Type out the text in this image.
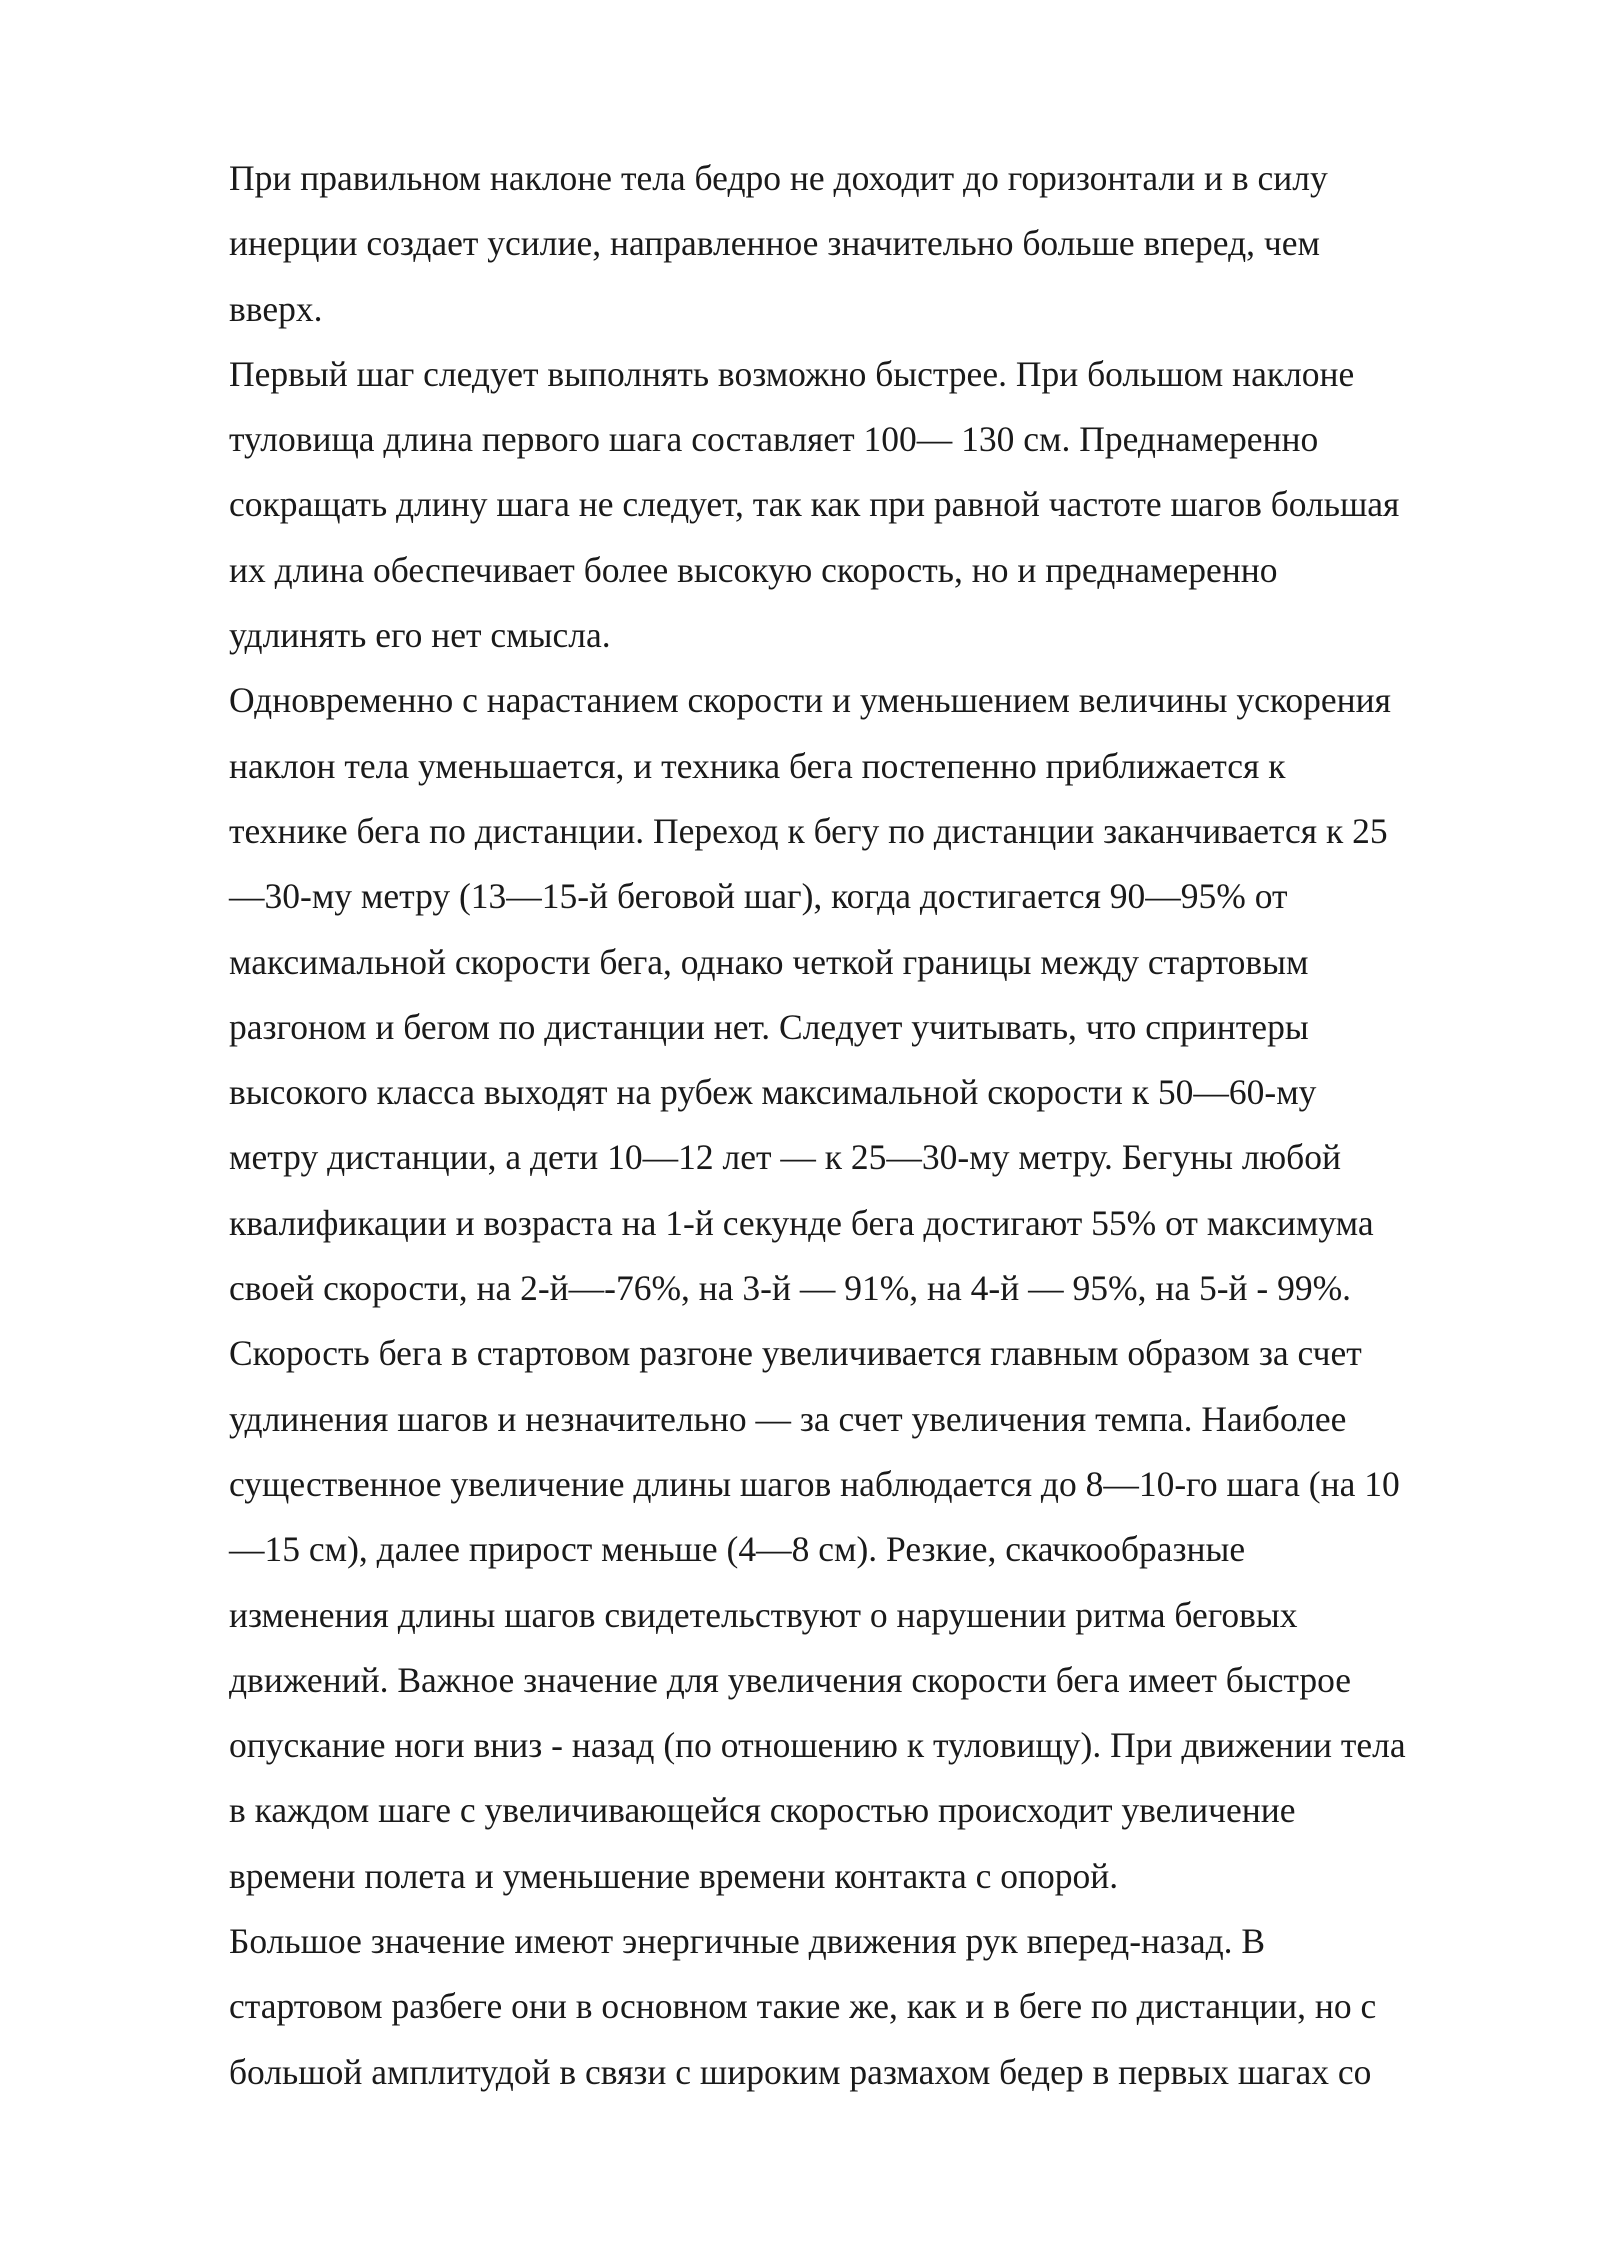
При правильном наклоне тела бедро не доходит до горизонтали и в силу
инерции создает усилие, направленное значительно больше вперед, чем
вверх.

Первый шаг следует выполнять возможно быстрее. При большом наклоне
туловища длина первого шага составляет 100— 130 см. Преднамеренно
сокращать длину шага не следует, так как при равной частоте шагов большая
их длина обеспечивает более высокую скорость, но и преднамеренно
удлинять его нет смысла.

Одновременно с нарастанием скорости и уменьшением величины ускорения
наклон тела уменьшается, и техника бега постепенно приближается к
технике бега по дистанции. Переход к бегу по дистанции заканчивается к 25
—30-му метру (13—15-й беговой шаг), когда достигается 90—95% от
максимальной скорости бега, однако четкой границы между стартовым
разгоном и бегом по дистанции нет. Следует учитывать, что спринтеры
высокого класса выходят на рубеж максимальной скорости к 50—60-му
метру дистанции, а дети 10—12 лет — к 25—30-му метру. Бегуны любой
квалификации и возраста на 1-й секунде бега достигают 55% от максимума
своей скорости, на 2-й—-76%, на 3-й — 91%, на 4-й — 95%, на 5-й - 99%.
Скорость бега в стартовом разгоне увеличивается главным образом за счет
удлинения шагов и незначительно — за счет увеличения темпа. Наиболее
существенное увеличение длины шагов наблюдается до 8—10-го шага (на 10
—15 см), далее прирост меньше (4—8 см). Резкие, скачкообразные
изменения длины шагов свидетельствуют о нарушении ритма беговых
движений. Важное значение для увеличения скорости бега имеет быстрое
опускание ноги вниз - назад (по отношению к туловищу). При движении тела
в каждом шаге с увеличивающейся скоростью происходит увеличение
времени полета и уменьшение времени контакта с опорой.

Большое значение имеют энергичные движения рук вперед-назад. В
стартовом разбеге они в основном такие же, как и в беге по дистанции, но с
большой амплитудой в связи с широким размахом бедер в первых шагах со
